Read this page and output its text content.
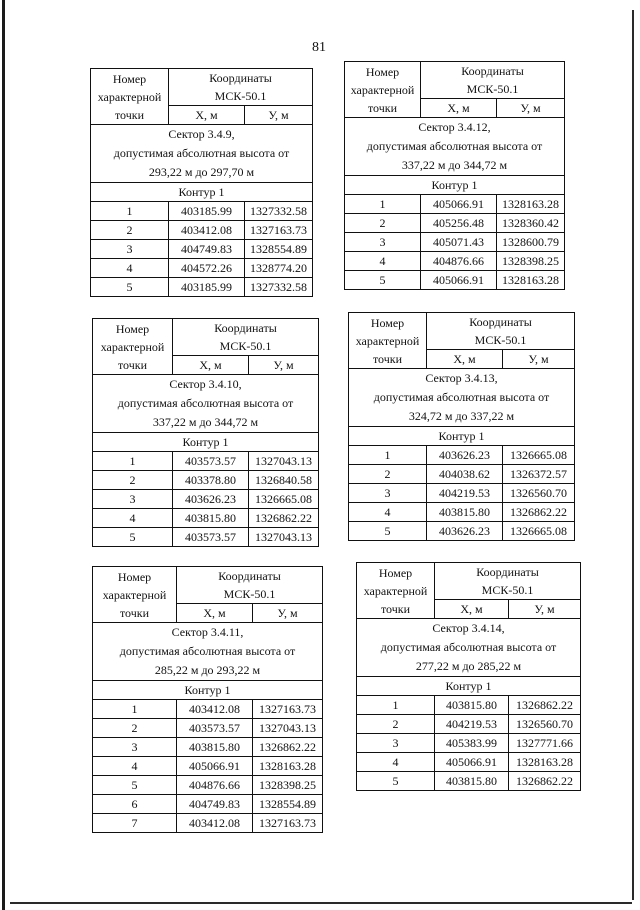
81
Номер
характерной
точки	Координаты
МСК-50.1	
	X, м	У, м

Сектор 3.4.9,
допустимая абсолютная высота от
293,22 м до 297,70 м		
Контур 1		
1	403185.99	1327332.58
2	403412.08	1327163.73
3	404749.83	1328554.89
4	404572.26	1328774.20
5	403185.99	1327332.58
Номер
характерной
точки	Координаты
МСК-50.1	
	X, м	У, м

Сектор 3.4.12,
допустимая абсолютная высота от
337,22 м до 344,72 м		
Контур 1		
1	405066.91	1328163.28
2	405256.48	1328360.42
3	405071.43	1328600.79
4	404876.66	1328398.25
5	405066.91	1328163.28
Номер
характерной
точки	Координаты
МСК-50.1	
	X, м	У, м

Сектор 3.4.10,
допустимая абсолютная высота от
337,22 м до 344,72 м		
Контур 1		
1	403573.57	1327043.13
2	403378.80	1326840.58
3	403626.23	1326665.08
4	403815.80	1326862.22
5	403573.57	1327043.13
Номер
характерной
точки	Координаты
МСК-50.1	
	X, м	У, м

Сектор 3.4.13,
допустимая абсолютная высота от
324,72 м до 337,22 м		
Контур 1		
1	403626.23	1326665.08
2	404038.62	1326372.57
3	404219.53	1326560.70
4	403815.80	1326862.22
5	403626.23	1326665.08
Номер
характерной
точки	Координаты
МСК-50.1	
	X, м	У, м

Сектор 3.4.11,
допустимая абсолютная высота от
285,22 м до 293,22 м		
Контур 1		
1	403412.08	1327163.73
2	403573.57	1327043.13
3	403815.80	1326862.22
4	405066.91	1328163.28
5	404876.66	1328398.25
6	404749.83	1328554.89
7	403412.08	1327163.73
Номер
характерной
точки	Координаты
МСК-50.1	
	X, м	У, м

Сектор 3.4.14,
допустимая абсолютная высота от
277,22 м до 285,22 м		
Контур 1		
1	403815.80	1326862.22
2	404219.53	1326560.70
3	405383.99	1327771.66
4	405066.91	1328163.28
5	403815.80	1326862.22
